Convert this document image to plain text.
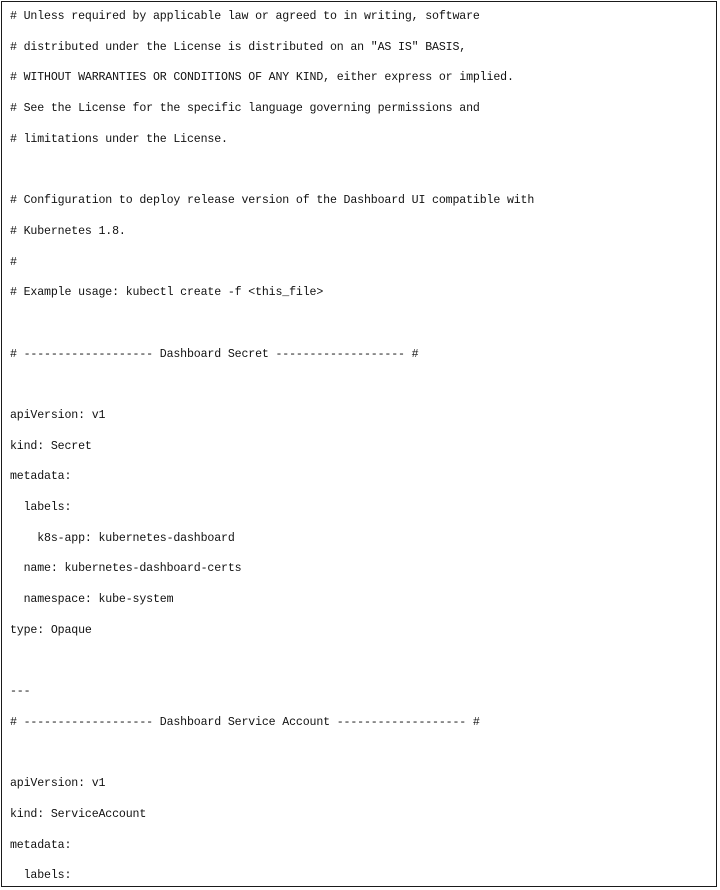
# Unless required by applicable law or agreed to in writing, software
# distributed under the License is distributed on an "AS IS" BASIS,
# WITHOUT WARRANTIES OR CONDITIONS OF ANY KIND, either express or implied.
# See the License for the specific language governing permissions and
# limitations under the License.
# Configuration to deploy release version of the Dashboard UI compatible with
# Kubernetes 1.8.
#
# Example usage: kubectl create -f <this_file>
# ------------------- Dashboard Secret ------------------- #
apiVersion: v1
kind: Secret
metadata:
labels:
k8s-app: kubernetes-dashboard
name: kubernetes-dashboard-certs
namespace: kube-system
type: Opaque
---
# ------------------- Dashboard Service Account ------------------- #
apiVersion: v1
kind: ServiceAccount
metadata:
labels:
